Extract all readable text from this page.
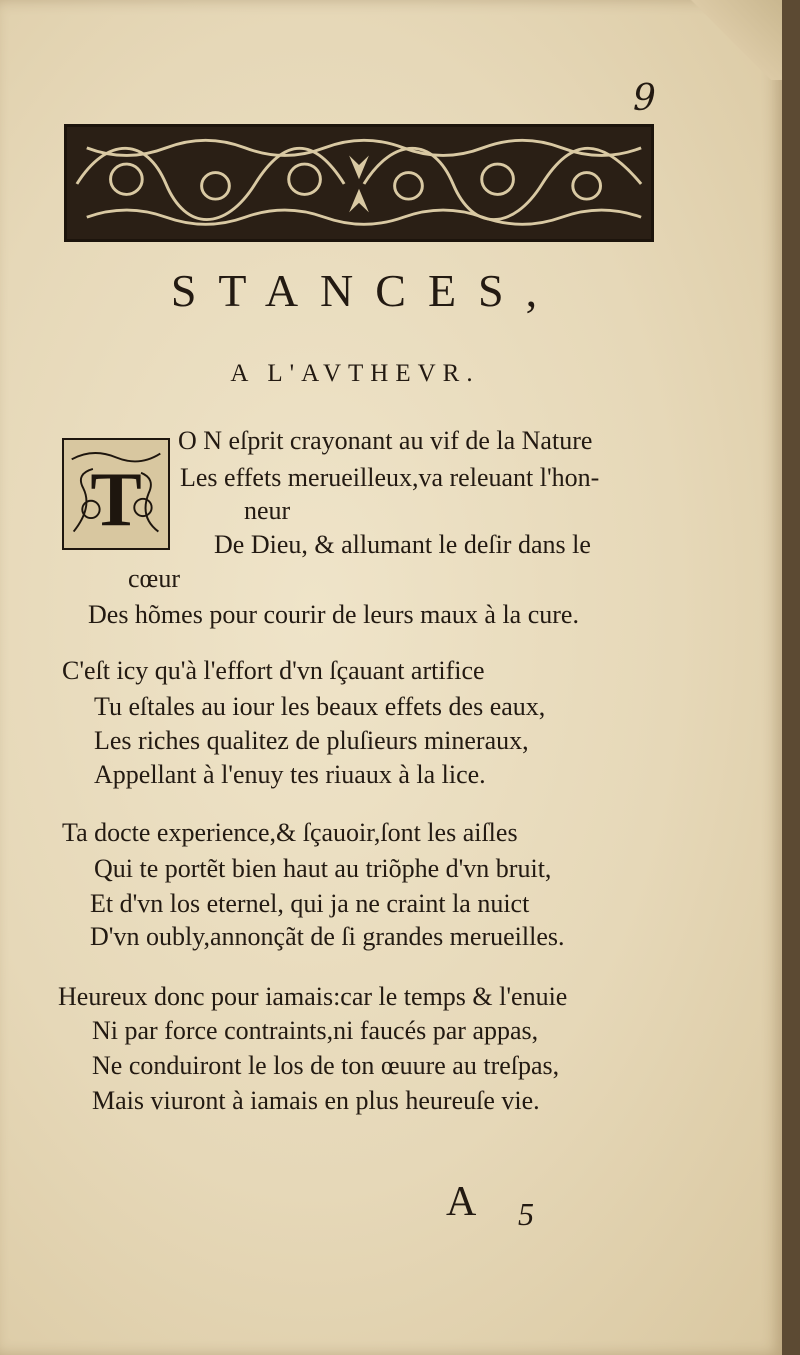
9
STANCES,
A L'AVTHEVR.
T
O N eſprit crayonant au vif de la Nature
Les effets merueilleux,va releuant l'hon-
neur
De Dieu, & allumant le deſir dans le
cœur
Des hõmes pour courir de leurs maux à la cure.
C'eſt icy qu'à l'effort d'vn ſçauant artifice
Tu eſtales au iour les beaux effets des eaux,
Les riches qualitez de pluſieurs mineraux,
Appellant à l'enuy tes riuaux à la lice.
Ta docte experience,& ſçauoir,ſont les aiſles
Qui te portẽt bien haut au triõphe d'vn bruit,
Et d'vn los eternel, qui ja ne craint la nuict
D'vn oubly,annonçãt de ſi grandes merueilles.
Heureux donc pour iamais:car le temps & l'enuie
Ni par force contraints,ni faucés par appas,
Ne conduiront le los de ton œuure au treſpas,
Mais viuront à iamais en plus heureuſe vie.
A 5
